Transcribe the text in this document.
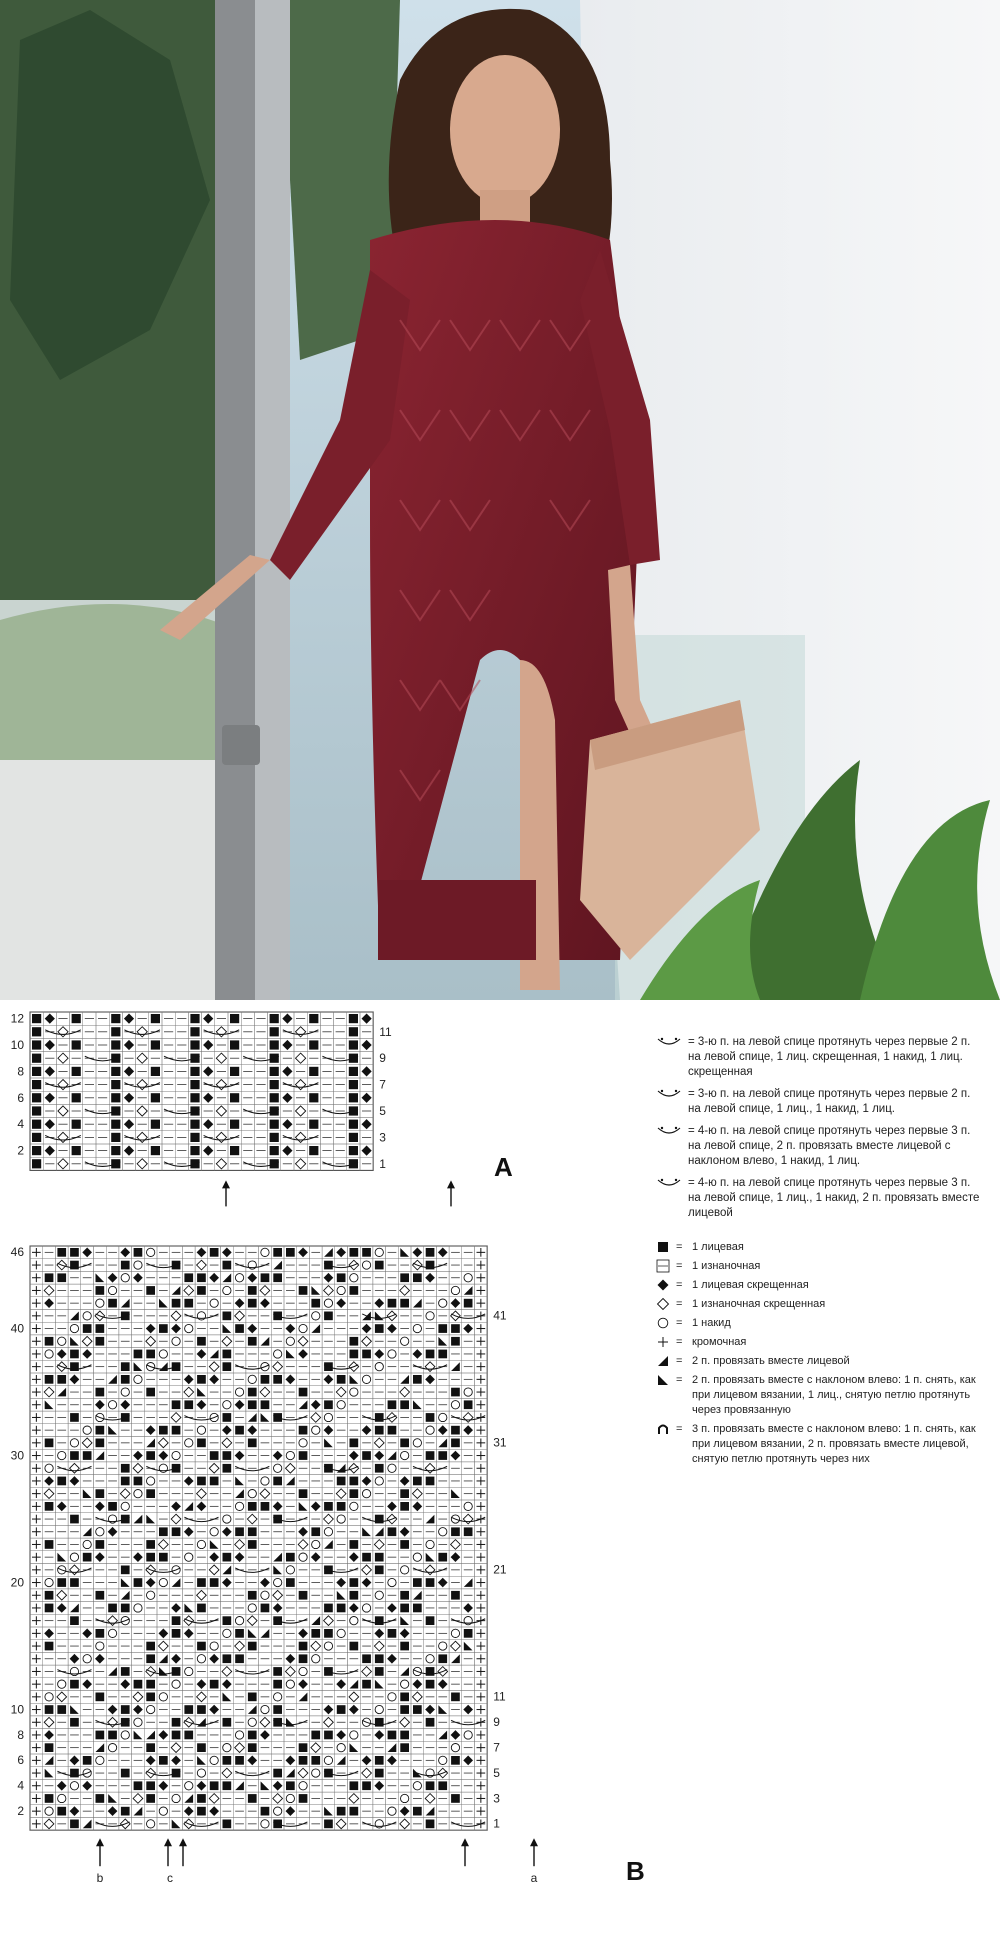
12
10
8
6
4
2
11
9
7
5
3
1	A
46
40
30
20
10
8
6
4
2
41
31
21
11
9
7
5
3
1
b	c	a	B
= 3-ю п. на левой спице протянуть через первые 2 п. на левой спице, 1 лиц. скрещенная, 1 накид, 1 лиц. скрещенная
= 3-ю п. на левой спице протянуть через первые 2 п. на левой спице, 1 лиц., 1 накид, 1 лиц.
= 4-ю п. на левой спице протянуть через первые 3 п. на левой спице, 2 п. провязать вместе лицевой с наклоном влево, 1 накид, 1 лиц.
= 4-ю п. на левой спице протянуть через первые 3 п. на левой спице, 1 лиц., 1 накид, 2 п. провязать вместе лицевой
= 1 лицевая
= 1 изнаночная
= 1 лицевая скрещенная
= 1 изнаночная скрещенная
= 1 накид
= кромочная
= 2 п. провязать вместе лицевой
= 2 п. провязать вместе с наклоном влево: 1 п. снять, как при лицевом вязании, 1 лиц., снятую петлю протянуть через провязанную
= 3 п. провязать вместе с наклоном влево: 1 п. снять, как при лицевом вязании, 2 п. провязать вместе лицевой, снятую петлю протянуть через них
